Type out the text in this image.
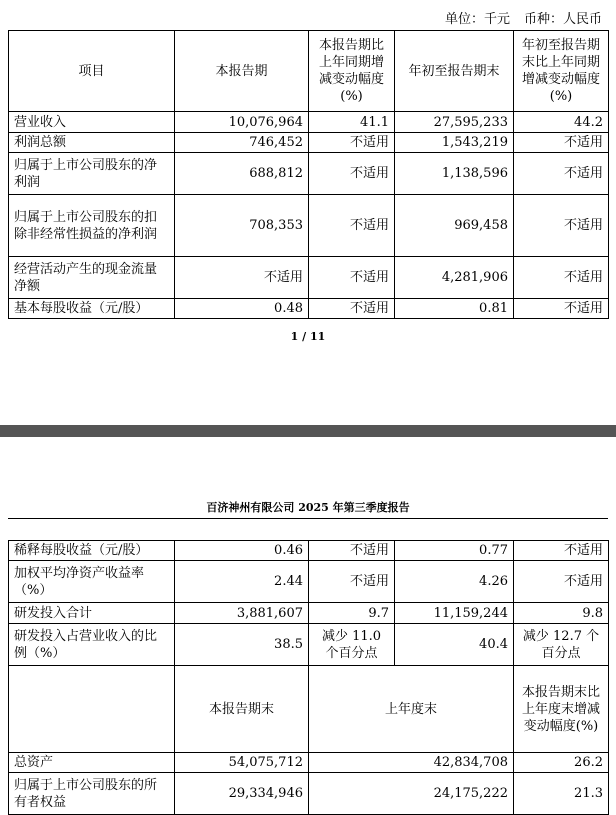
单位：千元 币种：人民币
项目	本报告期	本报告期比上年同期增减变动幅度(%)	年初至报告期末	年初至报告期末比上年同期增减变动幅度(%)
营业收入	10,076,964	41.1	27,595,233	44.2
利润总额	746,452	不适用	1,543,219	不适用
归属于上市公司股东的净利润	688,812	不适用	1,138,596	不适用
归属于上市公司股东的扣除非经常性损益的净利润	708,353	不适用	969,458	不适用
经营活动产生的现金流量净额	不适用	不适用	4,281,906	不适用
基本每股收益（元/股）	0.48	不适用	0.81	不适用
1 / 11
百济神州有限公司 2025 年第三季度报告
稀释每股收益（元/股）	0.46	不适用	0.77	不适用
加权平均净资产收益率（%）	2.44	不适用	4.26	不适用
研发投入合计	3,881,607	9.7	11,159,244	9.8
研发投入占营业收入的比例（%）	38.5	减少 11.0 个百分点	40.4	减少 12.7 个百分点
	本报告期末	上年度末		本报告期末比上年度末增减变动幅度(%)
总资产	54,075,712	42,834,708		26.2
归属于上市公司股东的所有者权益	29,334,946	24,175,222		21.3
